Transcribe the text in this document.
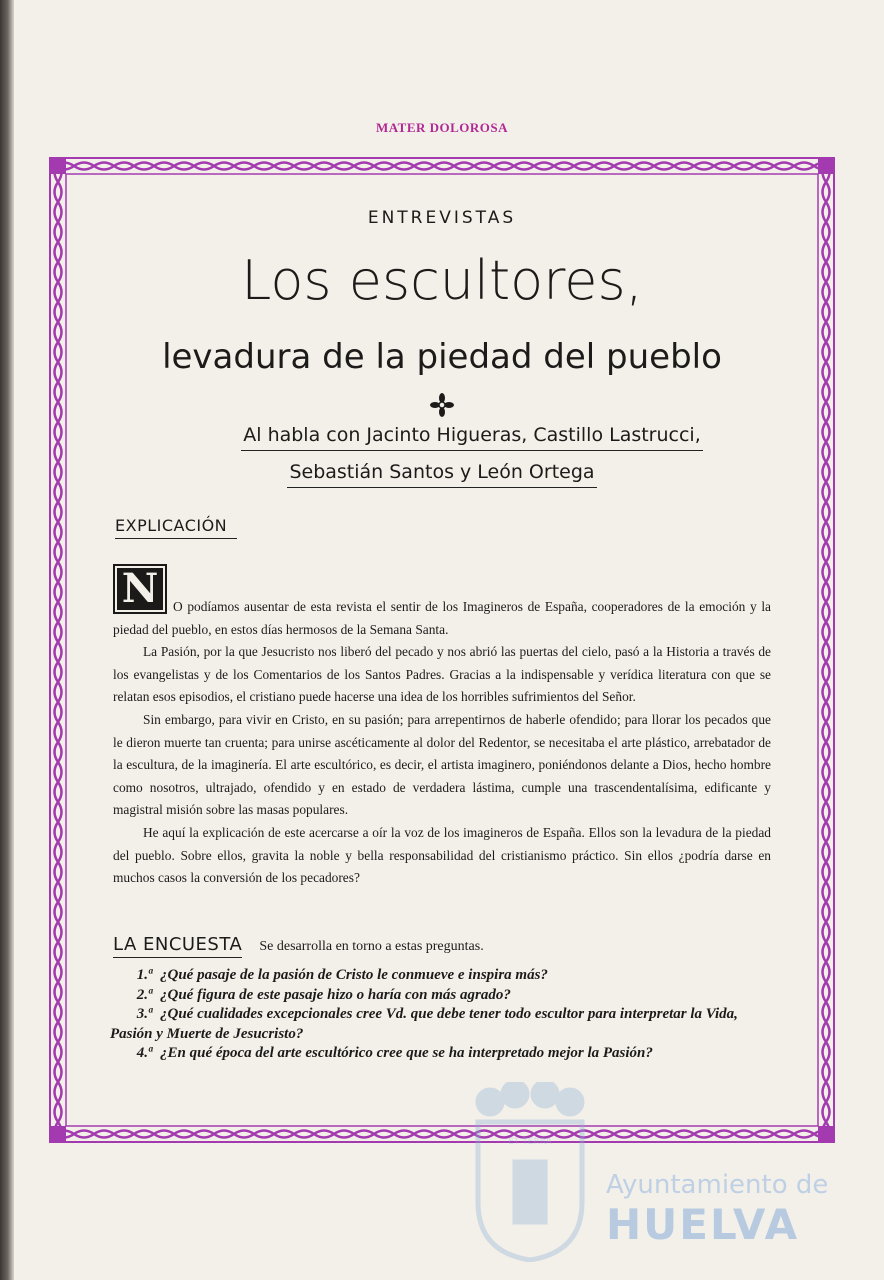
MATER DOLOROSA
ENTREVISTAS
Los escultores,
levadura de la piedad del pueblo
Al habla con Jacinto Higueras, Castillo Lastrucci,
Sebastián Santos y León Ortega
EXPLICACIÓN

N	O podíamos ausentar de esta revista el sentir de los Imagineros de España, cooperadores de la emoción y la piedad del pueblo, en estos días hermosos de la Semana Santa.

La Pasión, por la que Jesucristo nos liberó del pecado y nos abrió las puertas del cielo, pasó a la Historia a través de los evangelistas y de los Comentarios de los Santos Padres. Gracias a la indispensable y verídica literatura con que se relatan esos episodios, el cristiano puede hacerse una idea de los horribles sufrimientos del Señor.

Sin embargo, para vivir en Cristo, en su pasión; para arrepentirnos de haberle ofendido; para llorar los pecados que le dieron muerte tan cruenta; para unirse ascéticamente al dolor del Redentor, se necesitaba el arte plástico, arrebatador de la escultura, de la imaginería. El arte escultórico, es decir, el artista imaginero, poniéndonos delante a Dios, hecho hombre como nosotros, ultrajado, ofendido y en estado de verdadera lástima, cumple una trascendentalísima, edificante y magistral misión sobre las masas populares.

He aquí la explicación de este acercarse a oír la voz de los imagineros de España. Ellos son la levadura de la piedad del pueblo. Sobre ellos, gravita la noble y bella responsabilidad del cristianismo práctico. Sin ellos ¿podría darse en muchos casos la conversión de los pecadores?

LA ENCUESTA Se desarrolla en torno a estas preguntas.

1.ª ¿Qué pasaje de la pasión de Cristo le conmueve e inspira más?

2.ª ¿Qué figura de este pasaje hizo o haría con más agrado?

3.ª ¿Qué cualidades excepcionales cree Vd. que debe tener todo escultor para interpretar la Vida, Pasión y Muerte de Jesucristo?

4.ª ¿En qué época del arte escultórico cree que se ha interpretado mejor la Pasión?

ET TERRA
Ayuntamiento de
HUELVA
